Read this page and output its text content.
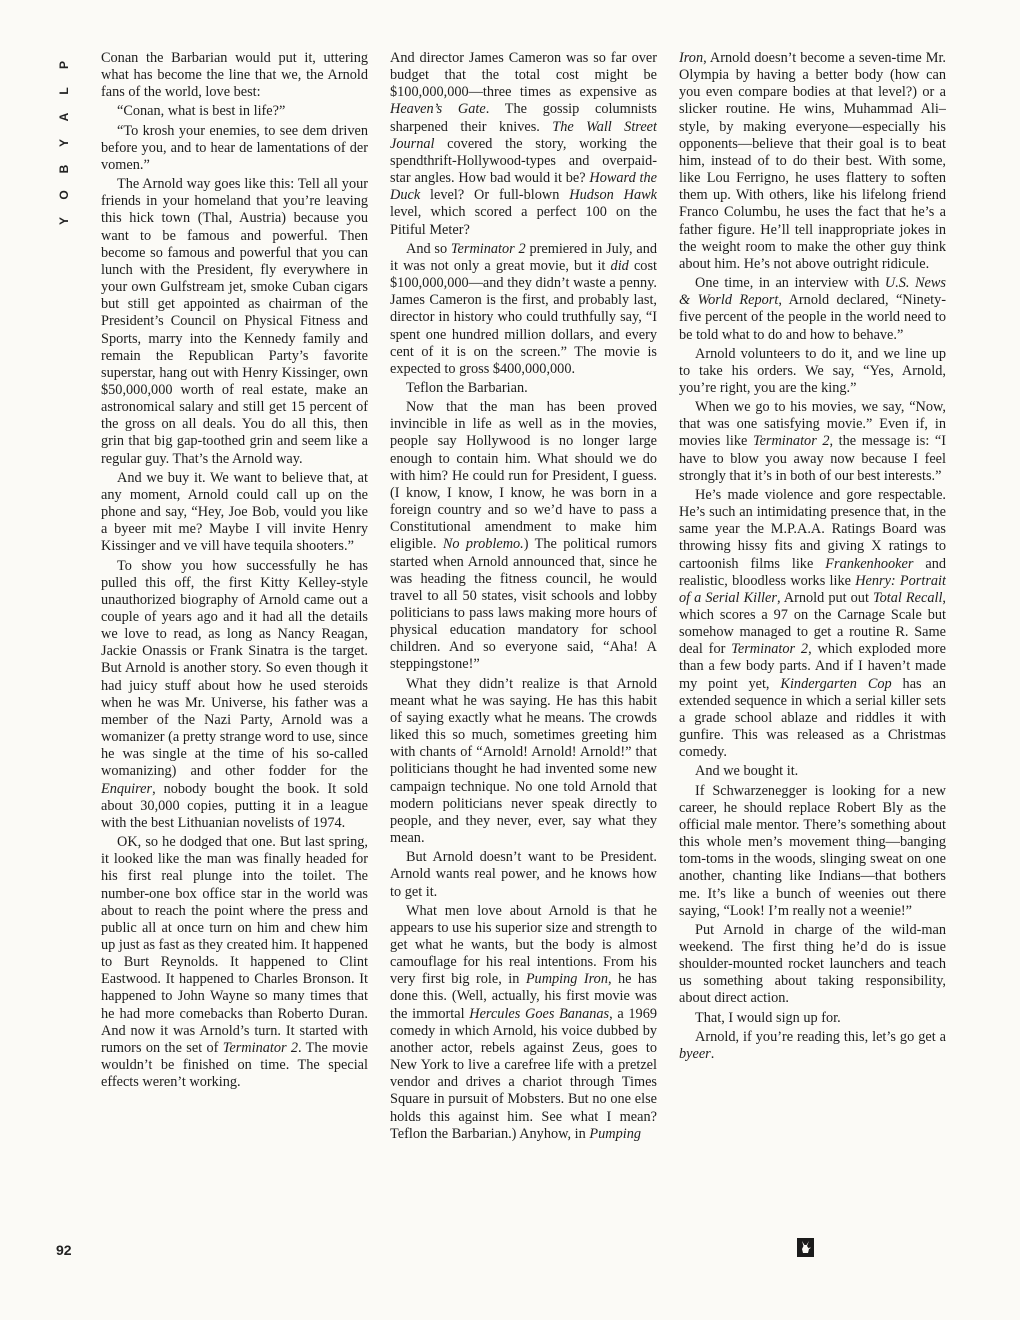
P
L
A
Y
B
O
Y

Conan the Barbarian would put it, uttering what has become the line that we, the Arnold fans of the world, love best:

“Conan, what is best in life?”

“To krosh your enemies, to see dem driven before you, and to hear de lamentations of der vomen.”

The Arnold way goes like this: Tell all your friends in your homeland that you’re leaving this hick town (Thal, Austria) because you want to be famous and powerful. Then become so famous and powerful that you can lunch with the President, fly everywhere in your own Gulfstream jet, smoke Cuban cigars but still get appointed as chairman of the President’s Council on Physical Fitness and Sports, marry into the Kennedy family and remain the Republican Party’s favorite superstar, hang out with Henry Kissinger, own $50,000,000 worth of real estate, make an astronomical salary and still get 15 percent of the gross on all deals. You do all this, then grin that big gap-toothed grin and seem like a regular guy. That’s the Arnold way.

And we buy it. We want to believe that, at any moment, Arnold could call up on the phone and say, “Hey, Joe Bob, vould you like a byeer mit me? Maybe I vill invite Henry Kissinger and ve vill have tequila shooters.”

To show you how successfully he has pulled this off, the first Kitty Kelley-style unauthorized biography of Arnold came out a couple of years ago and it had all the details we love to read, as long as Nancy Reagan, Jackie Onassis or Frank Sinatra is the target. But Arnold is another story. So even though it had juicy stuff about how he used steroids when he was Mr. Universe, his father was a member of the Nazi Party, Arnold was a womanizer (a pretty strange word to use, since he was single at the time of his so-called womanizing) and other fodder for the Enquirer, nobody bought the book. It sold about 30,000 copies, putting it in a league with the best Lithuanian novelists of 1974.

OK, so he dodged that one. But last spring, it looked like the man was finally headed for his first real plunge into the toilet. The number-one box office star in the world was about to reach the point where the press and public all at once turn on him and chew him up just as fast as they created him. It happened to Burt Reynolds. It happened to Clint Eastwood. It happened to Charles Bronson. It happened to John Wayne so many times that he had more comebacks than Roberto Duran. And now it was Arnold’s turn. It started with rumors on the set of Terminator 2. The movie wouldn’t be finished on time. The special effects weren’t working.

And director James Cameron was so far over budget that the total cost might be $100,000,000—three times as expensive as Heaven’s Gate. The gossip columnists sharpened their knives. The Wall Street Journal covered the story, working the spendthrift-Hollywood-types and overpaid-star angles. How bad would it be? Howard the Duck level? Or full-blown Hudson Hawk level, which scored a perfect 100 on the Pitiful Meter?

And so Terminator 2 premiered in July, and it was not only a great movie, but it did cost $100,000,000—and they didn’t waste a penny. James Cameron is the first, and probably last, director in history who could truthfully say, “I spent one hundred million dollars, and every cent of it is on the screen.” The movie is expected to gross $400,000,000.

Teflon the Barbarian.

Now that the man has been proved invincible in life as well as in the movies, people say Hollywood is no longer large enough to contain him. What should we do with him? He could run for President, I guess. (I know, I know, I know, he was born in a foreign country and so we’d have to pass a Constitutional amendment to make him eligible. No problemo.) The political rumors started when Arnold announced that, since he was heading the fitness council, he would travel to all 50 states, visit schools and lobby politicians to pass laws making more hours of physical education mandatory for school children. And so everyone said, “Aha! A steppingstone!”

What they didn’t realize is that Arnold meant what he was saying. He has this habit of saying exactly what he means. The crowds liked this so much, sometimes greeting him with chants of “Arnold! Arnold! Arnold!” that politicians thought he had invented some new campaign technique. No one told Arnold that modern politicians never speak directly to people, and they never, ever, say what they mean.

But Arnold doesn’t want to be President. Arnold wants real power, and he knows how to get it.

What men love about Arnold is that he appears to use his superior size and strength to get what he wants, but the body is almost camouflage for his real intentions. From his very first big role, in Pumping Iron, he has done this. (Well, actually, his first movie was the immortal Hercules Goes Bananas, a 1969 comedy in which Arnold, his voice dubbed by another actor, rebels against Zeus, goes to New York to live a carefree life with a pretzel vendor and drives a chariot through Times Square in pursuit of Mobsters. But no one else holds this against him. See what I mean? Teflon the Barbarian.) Anyhow, in Pumping

Iron, Arnold doesn’t become a seven-time Mr. Olympia by having a better body (how can you even compare bodies at that level?) or a slicker routine. He wins, Muhammad Ali–style, by making everyone—especially his opponents—believe that their goal is to beat him, instead of to do their best. With some, like Lou Ferrigno, he uses flattery to soften them up. With others, like his lifelong friend Franco Columbu, he uses the fact that he’s a father figure. He’ll tell inappropriate jokes in the weight room to make the other guy think about him. He’s not above outright ridicule.

One time, in an interview with U.S. News & World Report, Arnold declared, “Ninety-five percent of the people in the world need to be told what to do and how to behave.”

Arnold volunteers to do it, and we line up to take his orders. We say, “Yes, Arnold, you’re right, you are the king.”

When we go to his movies, we say, “Now, that was one satisfying movie.” Even if, in movies like Terminator 2, the message is: “I have to blow you away now because I feel strongly that it’s in both of our best interests.”

He’s made violence and gore respectable. He’s such an intimidating presence that, in the same year the M.P.A.A. Ratings Board was throwing hissy fits and giving X ratings to cartoonish films like Frankenhooker and realistic, bloodless works like Henry: Portrait of a Serial Killer, Arnold put out Total Recall, which scores a 97 on the Carnage Scale but somehow managed to get a routine R. Same deal for Terminator 2, which exploded more than a few body parts. And if I haven’t made my point yet, Kindergarten Cop has an extended sequence in which a serial killer sets a grade school ablaze and riddles it with gunfire. This was released as a Christmas comedy.

And we bought it.

If Schwarzenegger is looking for a new career, he should replace Robert Bly as the official male mentor. There’s something about this whole men’s movement thing—banging tom-toms in the woods, slinging sweat on one another, chanting like Indians—that bothers me. It’s like a bunch of weenies out there saying, “Look! I’m really not a weenie!”

Put Arnold in charge of the wild-man weekend. The first thing he’d do is issue shoulder-mounted rocket launchers and teach us something about taking responsibility, about direct action.

That, I would sign up for.

Arnold, if you’re reading this, let’s go get a byeer.

92
